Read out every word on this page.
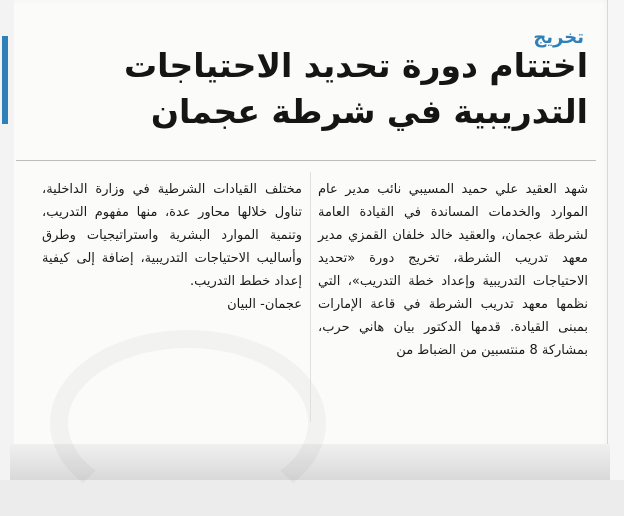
تخريج
اختتام دورة تحديد الاحتياجات التدريبية في شرطة عجمان

شهد العقيد علي حميد المسيبي نائب مدير عام الموارد والخدمات المساندة في القيادة العامة لشرطة عجمان، والعقيد خالد خلفان القمزي مدير معهد تدريب الشرطة، تخريج دورة «تحديد الاحتياجات التدريبية وإعداد خطة التدريب»، التي نظمها معهد تدريب الشرطة في قاعة الإمارات بمبنى القيادة. قدمها الدكتور بيان هاني حرب، بمشاركة 8 منتسبين من الضباط من

مختلف القيادات الشرطية في وزارة الداخلية، تناول خلالها محاور عدة، منها مفهوم التدريب، وتنمية الموارد البشرية واستراتيجيات وطرق وأساليب الاحتياجات التدريبية، إضافة إلى كيفية إعداد خطط التدريب.
عجمان- البيان
